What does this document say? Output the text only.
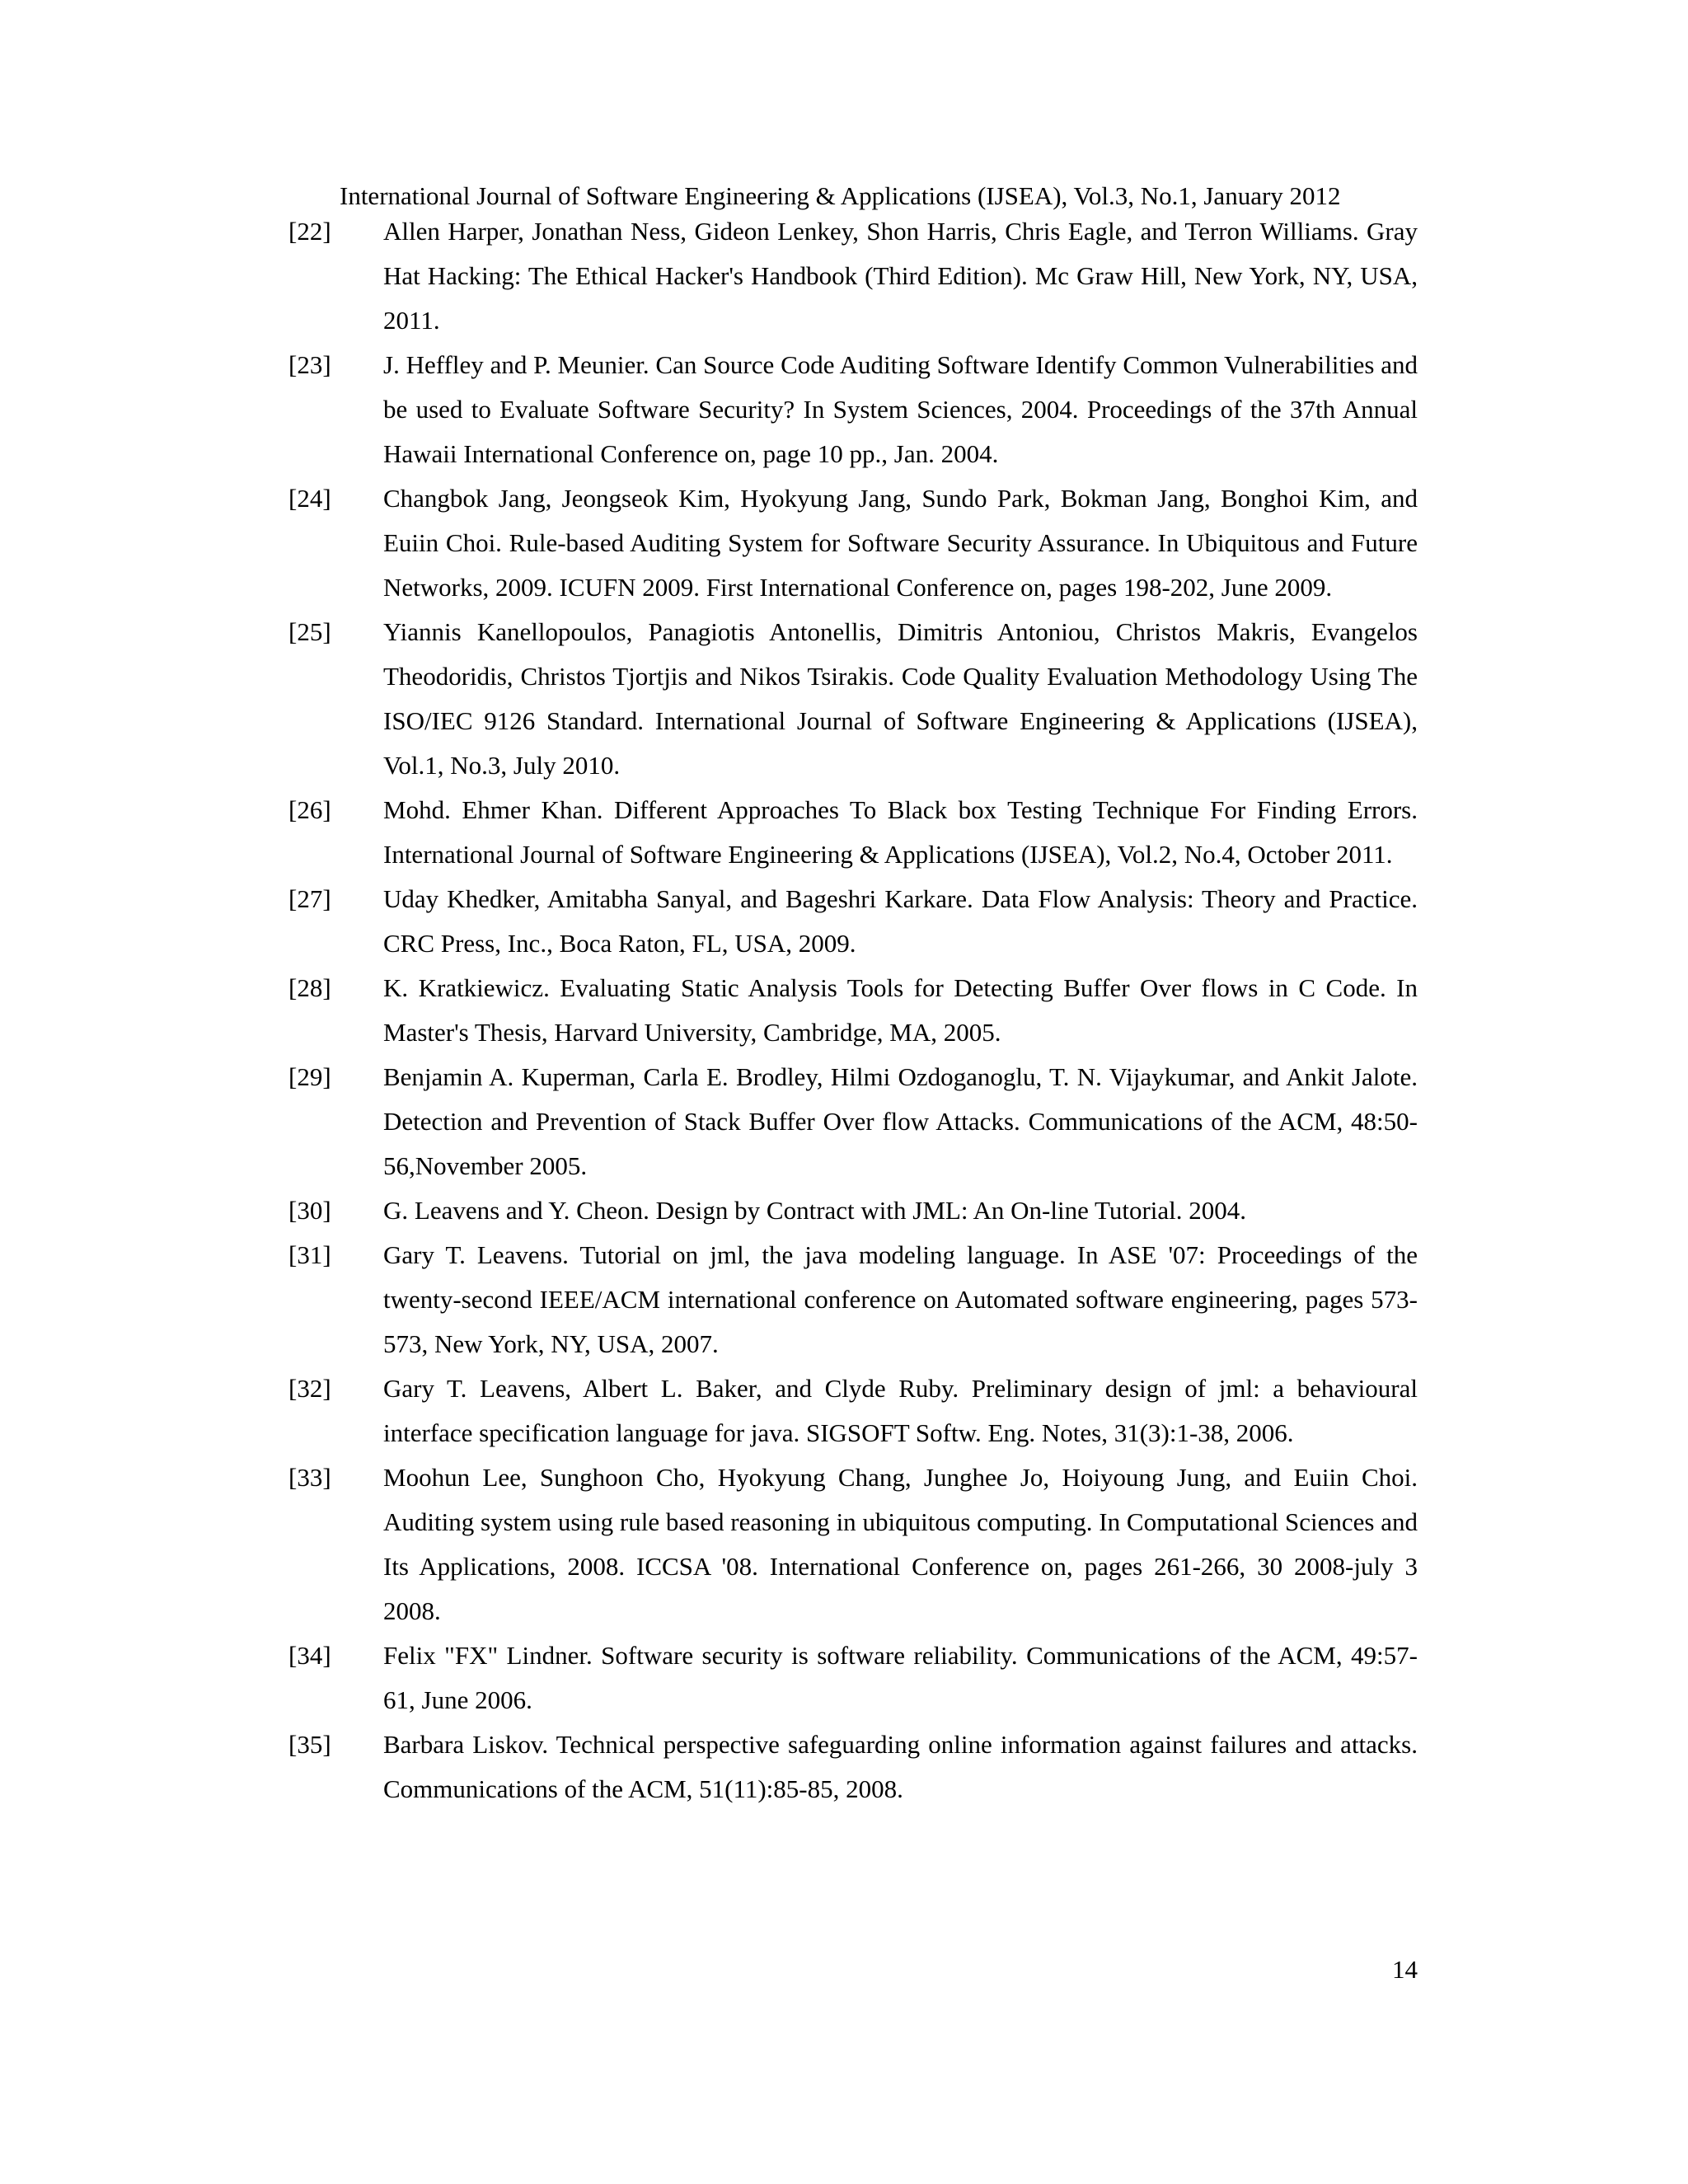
International Journal of Software Engineering & Applications (IJSEA), Vol.3, No.1, January 2012
[22]	Allen Harper, Jonathan Ness, Gideon Lenkey, Shon Harris, Chris Eagle, and Terron Williams. Gray Hat Hacking: The Ethical Hacker's Handbook (Third Edition). Mc Graw Hill, New York, NY, USA, 2011.
[23]	J. Heffley and P. Meunier. Can Source Code Auditing Software Identify Common Vulnerabilities and be used to Evaluate Software Security? In System Sciences, 2004. Proceedings of the 37th Annual Hawaii International Conference on, page 10 pp., Jan. 2004.
[24]	Changbok Jang, Jeongseok Kim, Hyokyung Jang, Sundo Park, Bokman Jang, Bonghoi Kim, and Euiin Choi. Rule-based Auditing System for Software Security Assurance. In Ubiquitous and Future Networks, 2009. ICUFN 2009. First International Conference on, pages 198-202, June 2009.
[25]	Yiannis Kanellopoulos, Panagiotis Antonellis, Dimitris Antoniou, Christos Makris, Evangelos Theodoridis, Christos Tjortjis and Nikos Tsirakis. Code Quality Evaluation Methodology Using The ISO/IEC 9126 Standard. International Journal of Software Engineering & Applications (IJSEA), Vol.1, No.3, July 2010.
[26]	Mohd. Ehmer Khan. Different Approaches To Black box Testing Technique For Finding Errors. International Journal of Software Engineering & Applications (IJSEA), Vol.2, No.4, October 2011.
[27]	Uday Khedker, Amitabha Sanyal, and Bageshri Karkare. Data Flow Analysis: Theory and Practice. CRC Press, Inc., Boca Raton, FL, USA, 2009.
[28]	K. Kratkiewicz. Evaluating Static Analysis Tools for Detecting Buffer Over flows in C Code. In Master's Thesis, Harvard University, Cambridge, MA, 2005.
[29]	Benjamin A. Kuperman, Carla E. Brodley, Hilmi Ozdoganoglu, T. N. Vijaykumar, and Ankit Jalote. Detection and Prevention of Stack Buffer Over flow Attacks. Communications of the ACM, 48:50-56,November 2005.
[30]	G. Leavens and Y. Cheon. Design by Contract with JML: An On-line Tutorial. 2004.
[31]	Gary T. Leavens. Tutorial on jml, the java modeling language. In ASE '07: Proceedings of the twenty-second IEEE/ACM international conference on Automated software engineering, pages 573-573, New York, NY, USA, 2007.
[32]	Gary T. Leavens, Albert L. Baker, and Clyde Ruby. Preliminary design of jml: a behavioural interface specification language for java. SIGSOFT Softw. Eng. Notes, 31(3):1-38, 2006.
[33]	Moohun Lee, Sunghoon Cho, Hyokyung Chang, Junghee Jo, Hoiyoung Jung, and Euiin Choi. Auditing system using rule based reasoning in ubiquitous computing. In Computational Sciences and Its Applications, 2008. ICCSA '08. International Conference on, pages 261-266, 30 2008-july 3 2008.
[34]	Felix "FX" Lindner. Software security is software reliability. Communications of the ACM, 49:57-61, June 2006.
[35]	Barbara Liskov. Technical perspective safeguarding online information against failures and attacks. Communications of the ACM, 51(11):85-85, 2008.
14
